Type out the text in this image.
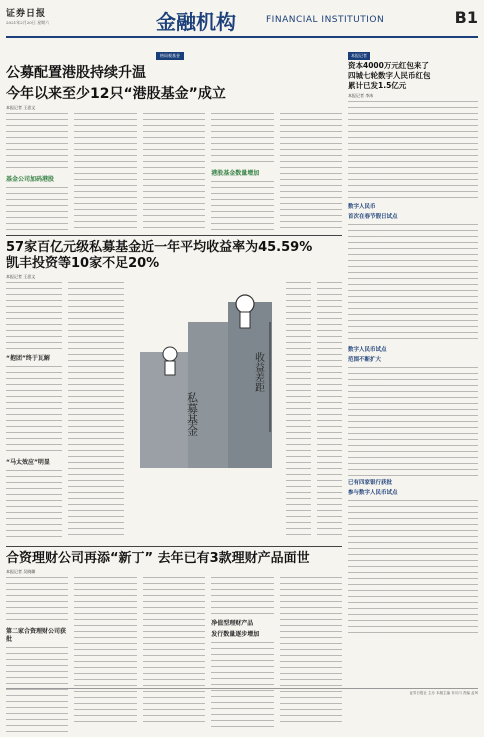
证券日报
2021年2月20日 星期六	金融机构	FINANCIAL INSTITUTION	B1
格局观基金
公募配置港股持续升温
今年以来至少12只“港股基金”成立
本报记者 王思文
基金公司加码港股
港股基金数量增加
57家百亿元级私募基金近一年平均收益率为45.59%
凯丰投资等10家不足20%
本报记者 王思文
“抱团”终于瓦解
“马太效应”明显
私募基金
收益差距
合资理财公司再添“新丁” 去年已有3款理财产品面世
本报记者 吴晓璐
第二家合资理财公司获批
净值型理财产品
发行数量逐步增加
本报记者
资本4000万元红包来了
四城七轮数字人民币红包
累计已发1.5亿元
本报记者 李冰
数字人民币
首次在春节假日试点
数字人民币试点
范围不断扩大
已有四家银行获批
参与数字人民币试点
证券日报社 主办 本版主编 乔川川 责编 孟珂
